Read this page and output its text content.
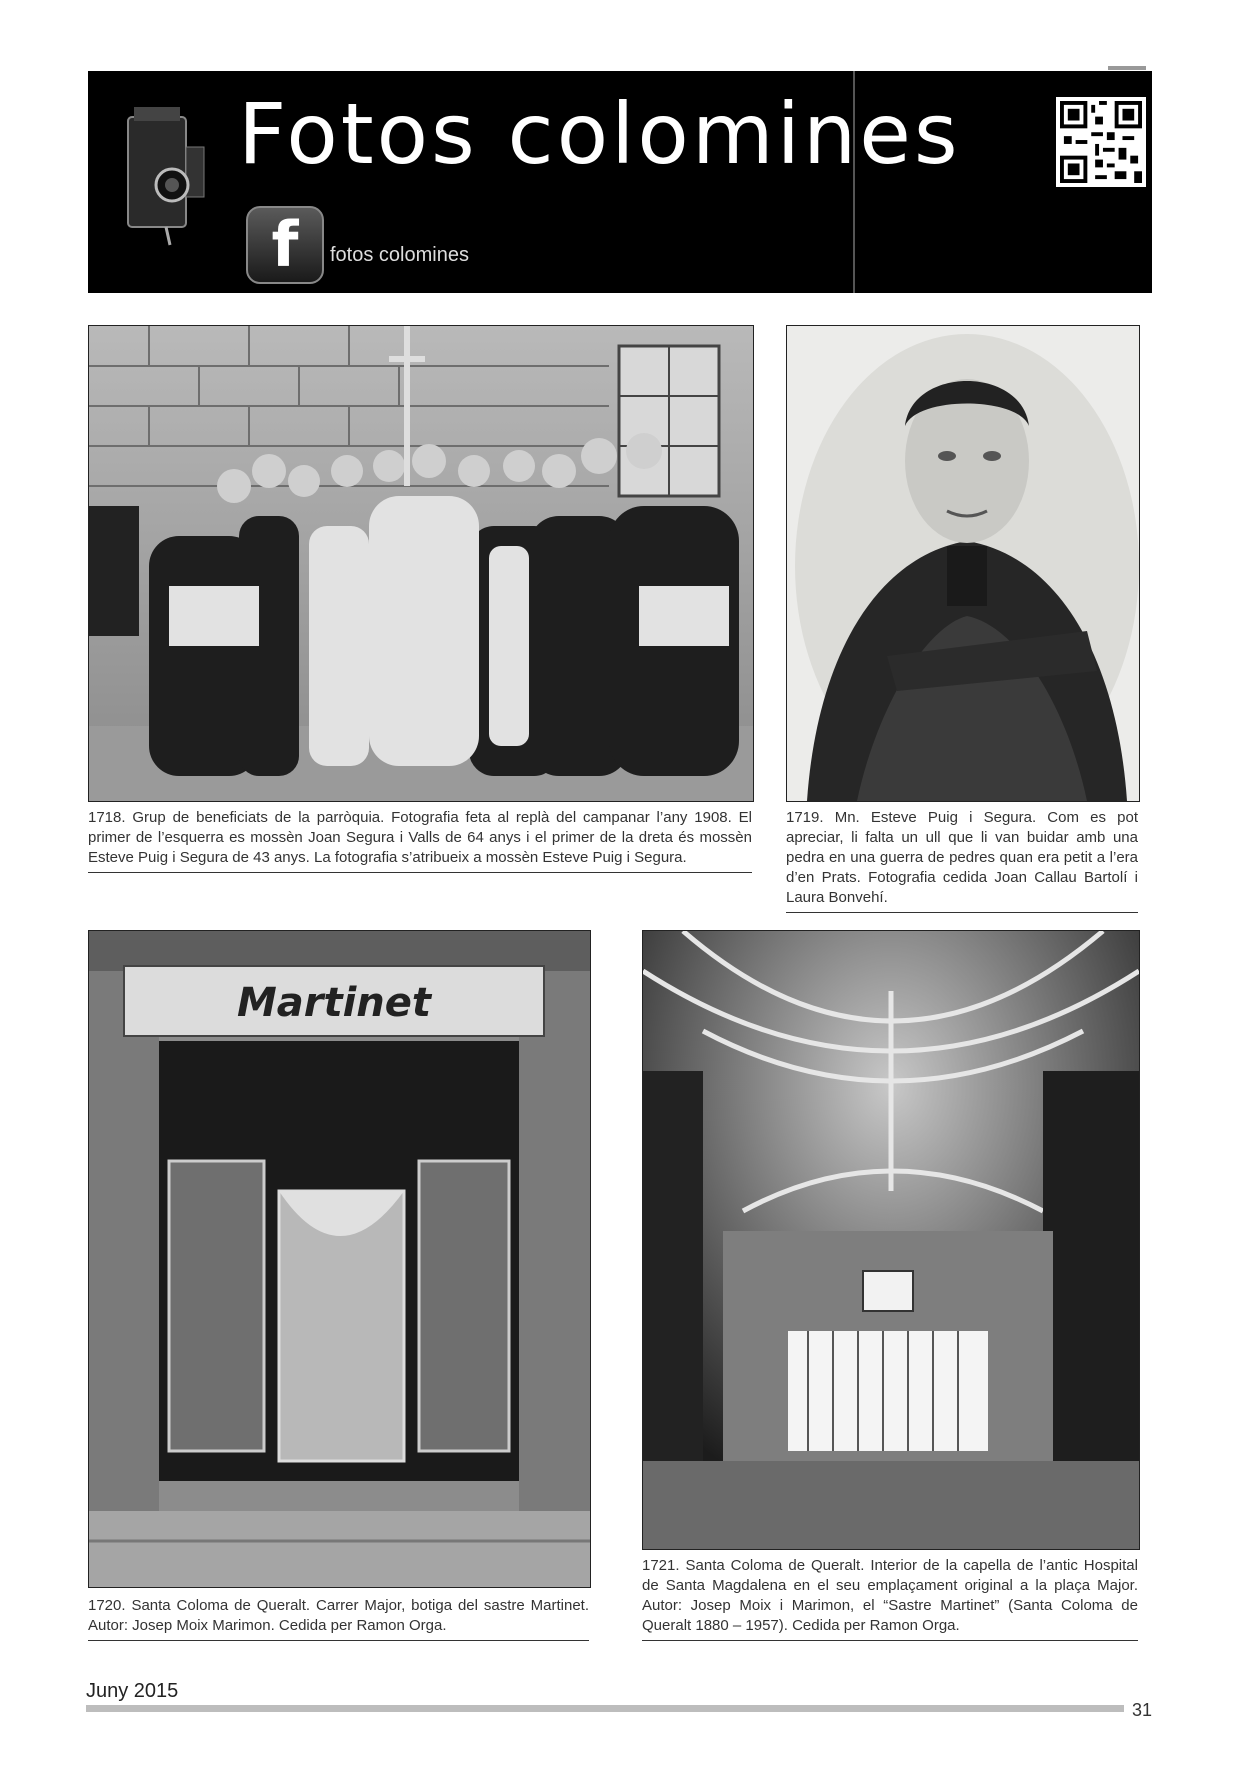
Fotos colomines
f	fotos colomines

1718. Grup de beneficiats de la parròquia. Fotografia feta al replà del campanar l’any 1908. El primer de l’esquerra es mossèn Joan Segura i Valls de 64 anys i el primer de la dreta és mossèn Esteve Puig i Segura de 43 anys. La fotografia s’atribueix a mossèn Esteve Puig i Segura.

1719. Mn. Esteve Puig i Segura. Com es pot apreciar, li falta un ull que li van buidar amb una pedra en una guerra de pedres quan era petit a l’era d’en Prats. Fotografia cedida Joan Callau Bartolí i Laura Bonvehí.

Martinet

1720. Santa Coloma de Queralt. Carrer Major, botiga del sastre Martinet. Autor: Josep Moix Marimon. Cedida per Ramon Orga.

1721. Santa Coloma de Queralt. Interior de la capella de l’antic Hospital de Santa Magdalena en el seu emplaçament original a la plaça Major. Autor: Josep Moix i Marimon, el “Sastre Martinet” (Santa Coloma de Queralt 1880 – 1957). Cedida per Ramon Orga.

Juny 2015
31
